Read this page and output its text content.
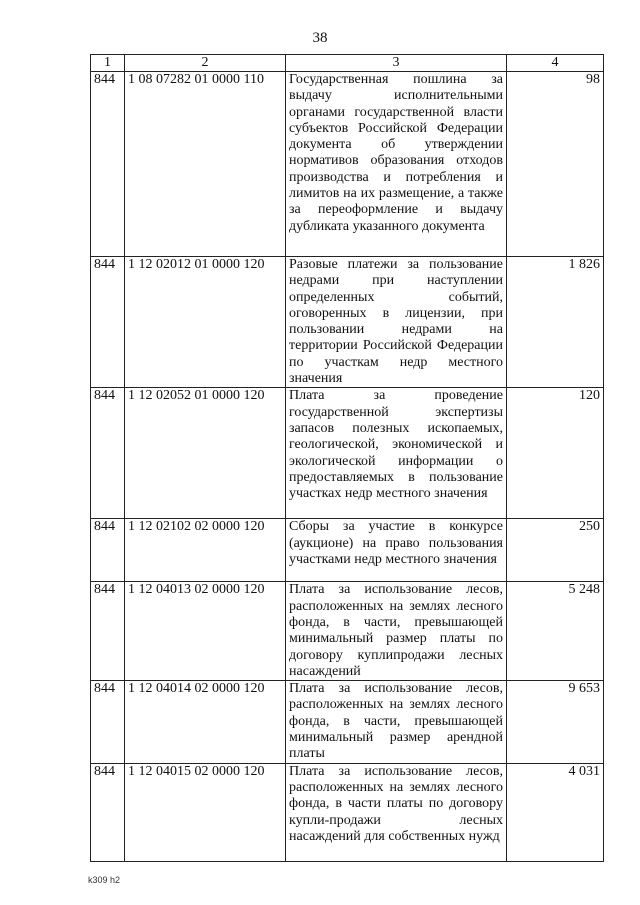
38
1	2	3	4
844	1 08 07282 01 0000 110	Государственная пошлина за выдачу исполнительными органами государственной власти субъектов Российской Федерации документа об утверждении нормативов образования отходов производства и потребления и лимитов на их размещение, а также за переоформление и выдачу дубликата указанного документа	98
844	1 12 02012 01 0000 120	Разовые платежи за пользование недрами при наступлении определенных событий, оговоренных в лицензии, при пользовании недрами на территории Российской Федерации по участкам недр местного значения	1 826
844	1 12 02052 01 0000 120	Плата за проведение государственной экспертизы запасов полезных ископаемых, геологической, экономической и экологической информации о предоставляемых в пользование участках недр местного значения	120
844	1 12 02102 02 0000 120	Сборы за участие в конкурсе (аукционе) на право пользования участками недр местного значения	250
844	1 12 04013 02 0000 120	Плата за использование лесов, расположенных на землях лесного фонда, в части, превышающей минимальный размер платы по договору куплипродажи лесных насаждений	5 248
844	1 12 04014 02 0000 120	Плата за использование лесов, расположенных на землях лесного фонда, в части, превышающей минимальный размер арендной платы	9 653
844	1 12 04015 02 0000 120	Плата за использование лесов, расположенных на землях лесного фонда, в части платы по договору купли-продажи лесных насаждений для собственных нужд	4 031
k309 h2
